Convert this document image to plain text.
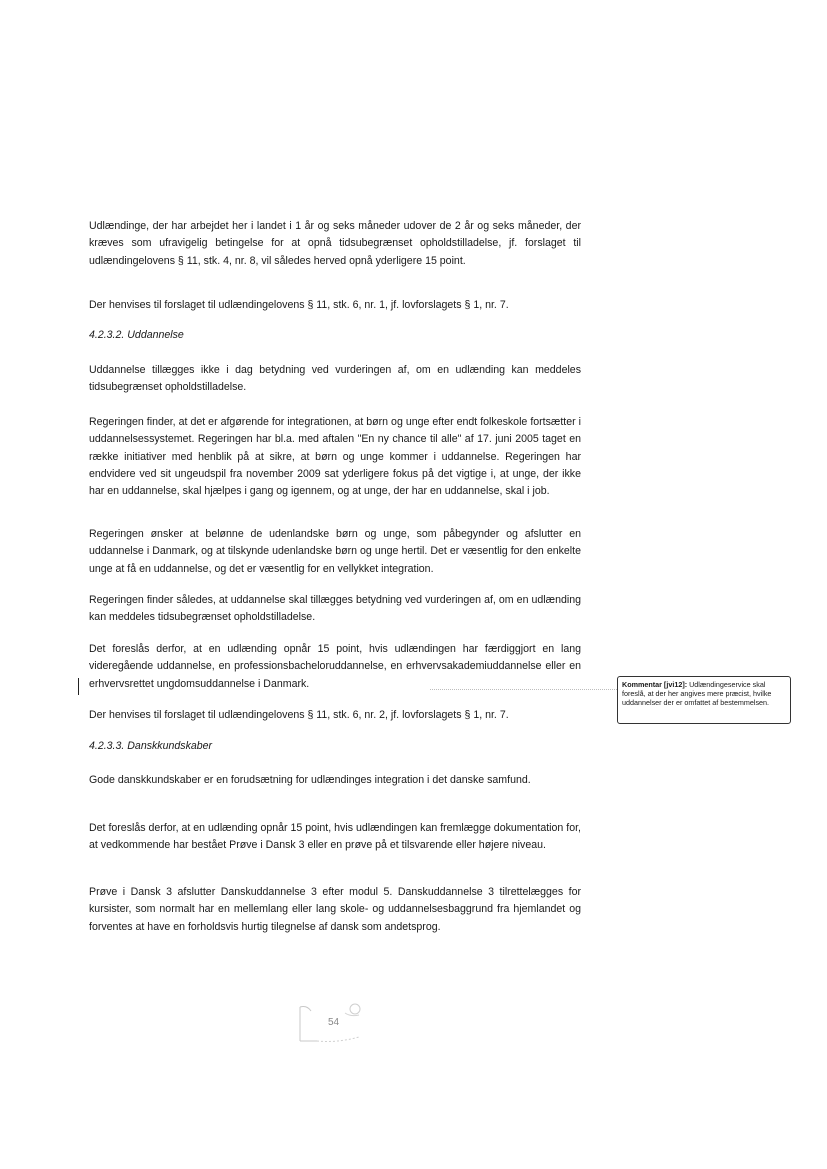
Udlændinge, der har arbejdet her i landet i 1 år og seks måneder udover de 2 år og seks måneder, der kræves som ufravigelig betingelse for at opnå tidsubegrænset opholdstilladelse, jf. forslaget til udlændingelovens § 11, stk. 4, nr. 8, vil således herved opnå yderligere 15 point.

Der henvises til forslaget til udlændingelovens § 11, stk. 6, nr. 1, jf. lovforslagets § 1, nr. 7.

4.2.3.2. Uddannelse

Uddannelse tillægges ikke i dag betydning ved vurderingen af, om en udlænding kan meddeles tidsubegrænset opholdstilladelse.

Regeringen finder, at det er afgørende for integrationen, at børn og unge efter endt folkeskole fortsætter i uddannelsessystemet. Regeringen har bl.a. med aftalen "En ny chance til alle" af 17. juni 2005 taget en række initiativer med henblik på at sikre, at børn og unge kommer i uddannelse. Regeringen har endvidere ved sit ungeudspil fra november 2009 sat yderligere fokus på det vigtige i, at unge, der ikke har en uddannelse, skal hjælpes i gang og igennem, og at unge, der har en uddannelse, skal i job.

Regeringen ønsker at belønne de udenlandske børn og unge, som påbegynder og afslutter en uddannelse i Danmark, og at tilskynde udenlandske børn og unge hertil. Det er væsentlig for den enkelte unge at få en uddannelse, og det er væsentlig for en vellykket integration.

Regeringen finder således, at uddannelse skal tillægges betydning ved vurderingen af, om en udlænding kan meddeles tidsubegrænset opholdstilladelse.

Det foreslås derfor, at en udlænding opnår 15 point, hvis udlændingen har færdiggjort en lang videregående uddannelse, en professionsbacheloruddannelse, en erhvervsakademiuddannelse eller en erhvervsrettet ungdomsuddannelse i Danmark.

Der henvises til forslaget til udlændingelovens § 11, stk. 6, nr. 2, jf. lovforslagets § 1, nr. 7.

4.2.3.3. Danskkundskaber

Gode danskkundskaber er en forudsætning for udlændinges integration i det danske samfund.

Det foreslås derfor, at en udlænding opnår 15 point, hvis udlændingen kan fremlægge dokumentation for, at vedkommende har bestået Prøve i Dansk 3 eller en prøve på et tilsvarende eller højere niveau.

Prøve i Dansk 3 afslutter Danskuddannelse 3 efter modul 5. Danskuddannelse 3 tilrettelægges for kursister, som normalt har en mellemlang eller lang skole- og uddannelsesbaggrund fra hjemlandet og forventes at have en forholdsvis hurtig tilegnelse af dansk som andetsprog.

Kommentar [jvi12]: Udlændingeservice skal foreslå, at der her angives mere præcist, hvilke uddannelser der er omfattet af bestemmelsen.
54
